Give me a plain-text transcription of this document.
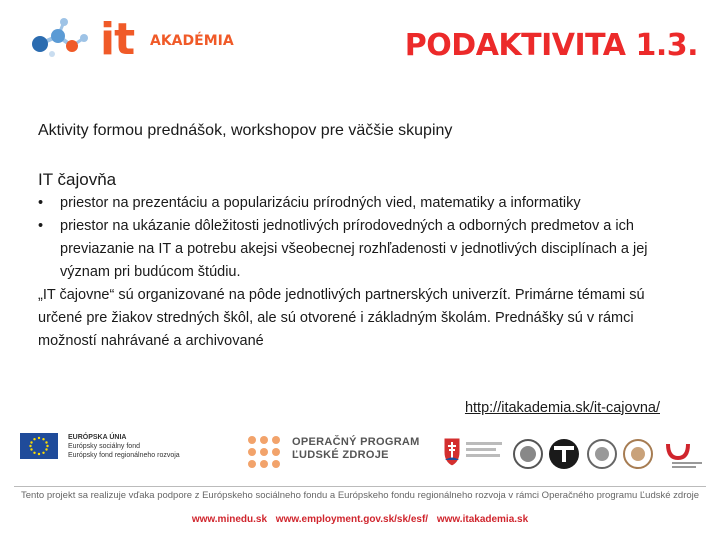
it AKADÉMIA	PODAKTIVITA 1.3.
Aktivity formou prednášok, workshopov pre väčšie skupiny
IT čajovňa
• priestor na prezentáciu a popularizáciu prírodných vied, matematiky a informatiky
• priestor na ukázanie dôležitosti jednotlivých prírodovedných a odborných predmetov a ich previazanie na IT a potrebu akejsi všeobecnej rozhľadenosti v jednotlivých disciplínach a jej význam pri budúcom štúdiu.

„IT čajovne“ sú organizované na pôde jednotlivých partnerských univerzít. Primárne témami sú určené pre žiakov stredných škôl, ale sú otvorené i základným školám. Prednášky sú v rámci možností nahrávané a archivované

http://itakademia.sk/it-cajovna/
EURÓPSKA ÚNIA
Európsky sociálny fond
Európsky fond regionálneho rozvoja
OPERAČNÝ PROGRAM
ĽUDSKÉ ZDROJE
Tento projekt sa realizuje vďaka podpore z Európskeho sociálneho fondu a Európskeho fondu regionálneho rozvoja v rámci Operačného programu Ľudské zdroje
www.minedu.sk www.employment.gov.sk/sk/esf/ www.itakademia.sk
